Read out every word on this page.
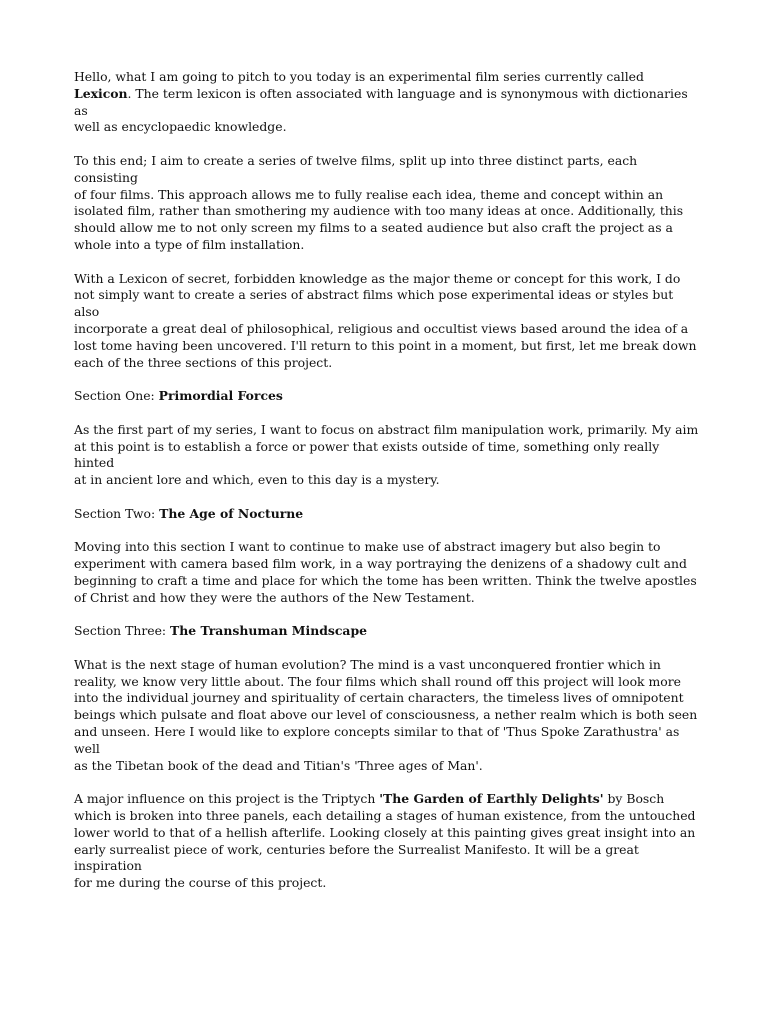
Hello, what I am going to pitch to you today is an experimental film series currently called
Lexicon. The term lexicon is often associated with language and is synonymous with dictionaries as
well as encyclopaedic knowledge.

To this end; I aim to create a series of twelve films, split up into three distinct parts, each consisting
of four films. This approach allows me to fully realise each idea, theme and concept within an
isolated film, rather than smothering my audience with too many ideas at once. Additionally, this
should allow me to not only screen my films to a seated audience but also craft the project as a
whole into a type of film installation.

With a Lexicon of secret, forbidden knowledge as the major theme or concept for this work, I do
not simply want to create a series of abstract films which pose experimental ideas or styles but also
incorporate a great deal of philosophical, religious and occultist views based around the idea of a
lost tome having been uncovered. I'll return to this point in a moment, but first, let me break down
each of the three sections of this project.

Section One: Primordial Forces

As the first part of my series, I want to focus on abstract film manipulation work, primarily. My aim
at this point is to establish a force or power that exists outside of time, something only really hinted
at in ancient lore and which, even to this day is a mystery.

Section Two: The Age of Nocturne

Moving into this section I want to continue to make use of abstract imagery but also begin to
experiment with camera based film work, in a way portraying the denizens of a shadowy cult and
beginning to craft a time and place for which the tome has been written. Think the twelve apostles
of Christ and how they were the authors of the New Testament.

Section Three: The Transhuman Mindscape

What is the next stage of human evolution? The mind is a vast unconquered frontier which in
reality, we know very little about. The four films which shall round off this project will look more
into the individual journey and spirituality of certain characters, the timeless lives of omnipotent
beings which pulsate and float above our level of consciousness, a nether realm which is both seen
and unseen. Here I would like to explore concepts similar to that of 'Thus Spoke Zarathustra' as well
as the Tibetan book of the dead and Titian's 'Three ages of Man'.

A major influence on this project is the Triptych 'The Garden of Earthly Delights' by Bosch
which is broken into three panels, each detailing a stages of human existence, from the untouched
lower world to that of a hellish afterlife. Looking closely at this painting gives great insight into an
early surrealist piece of work, centuries before the Surrealist Manifesto. It will be a great inspiration
for me during the course of this project.
